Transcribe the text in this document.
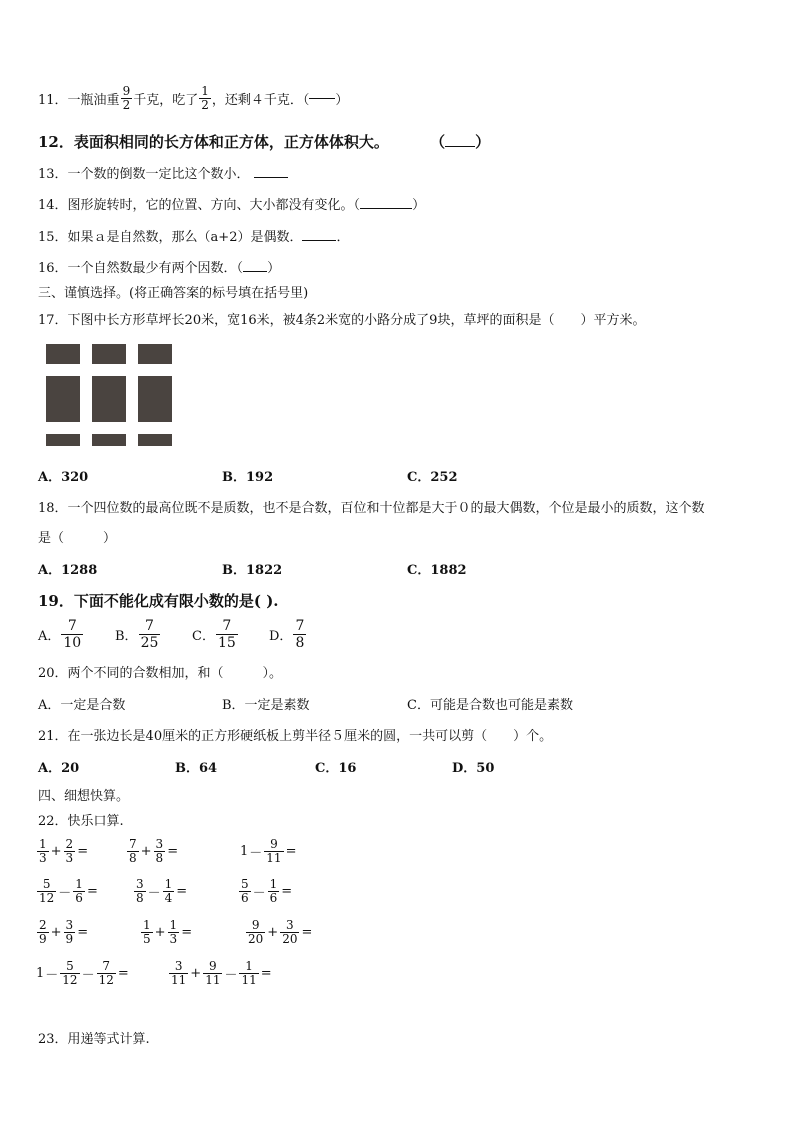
11． 一瓶油重 $\frac{9}{2}$ 千克，吃了 $\frac{1}{2}$ ，还剩４千克．（ ）
12．表面积相同的长方体和正方体，正方体体积大。	（ ）
13．一个数的倒数一定比这个数小．
14．图形旋转时，它的位置、方向、大小都没有变化。（	）
15．如果ａ是自然数，那么（a+2）是偶数．	．
16．一个自然数最少有两个因数．（ ）
三、谨慎选择。(将正确答案的标号填在括号里)
17．下图中长方形草坪长20米，宽16米，被4条2米宽的小路分成了9块，草坪的面积是（　　）平方米。
A．320	B．192	C．252
18．一个四位数的最高位既不是质数，也不是合数，百位和十位都是大于０的最大偶数，个位是最小的质数，这个数
是（　　　）
A．1288	B．1822	C．1882
19．下面不能化成有限小数的是( ).
A． $\frac{7}{10}$ B． $\frac{7}{25}$ C． $\frac{7}{15}$ D． $\frac{7}{8}$
20．两个不同的合数相加，和（　　　）。
A．一定是合数	B．一定是素数	C．可能是合数也可能是素数
21．在一张边长是40厘米的正方形硬纸板上剪半径５厘米的圆，一共可以剪（　　）个。
A．20	B．64	C．16	D．50
四、细想快算。
22．快乐口算.
$\frac{1}{3} + \frac{2}{3}$ =	$\frac{7}{8} + \frac{3}{8}$ =	$1 - \frac{9}{11}$ =
$\frac{5}{12} - \frac{1}{6}$ =	$\frac{3}{8} - \frac{1}{4}$ =	$\frac{5}{6} - \frac{1}{6}$ =
$\frac{2}{9} + \frac{3}{9}$ =	$\frac{1}{5} + \frac{1}{3}$ =	$\frac{9}{20} + \frac{3}{20}$ =
$1 - \frac{5}{12} - \frac{7}{12}$ =	$\frac{3}{11} + \frac{9}{11} - \frac{1}{11}$ =
23．用递等式计算.
